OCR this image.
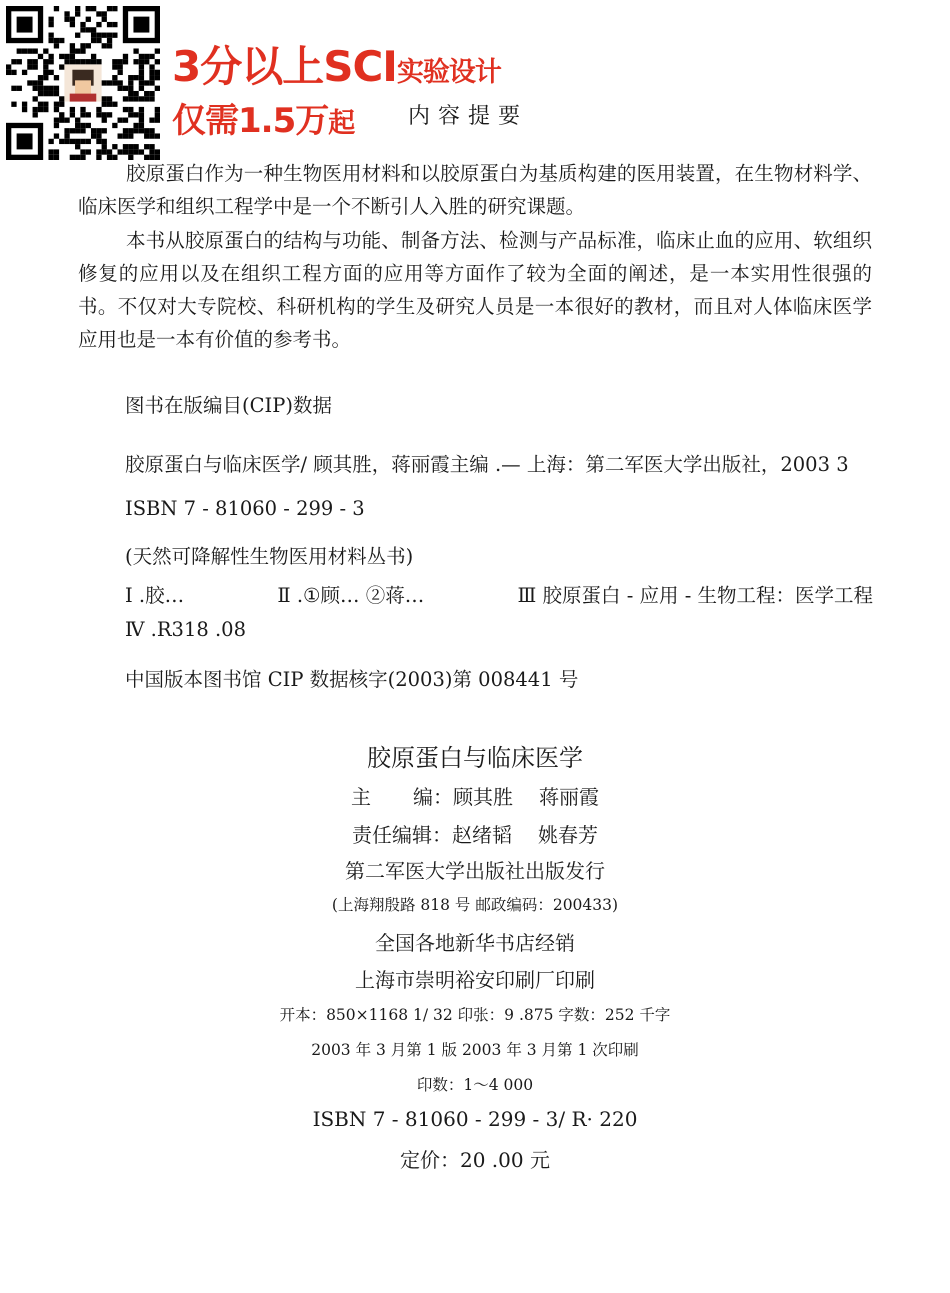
3分以上SCI实验设计
仅需1.5万起 内容提要

胶原蛋白作为一种生物医用材料和以胶原蛋白为基质构建的医用装置，在生物材料学、临床医学和组织工程学中是一个不断引人入胜的研究课题。

本书从胶原蛋白的结构与功能、制备方法、检测与产品标准，临床止血的应用、软组织修复的应用以及在组织工程方面的应用等方面作了较为全面的阐述，是一本实用性很强的书。不仅对大专院校、科研机构的学生及研究人员是一本很好的教材，而且对人体临床医学应用也是一本有价值的参考书。

图书在版编目(CIP)数据
胶原蛋白与临床医学/ 顾其胜，蒋丽霞主编 .— 上海：第二军医大学出版社，2003 3
ISBN 7 - 81060 - 299 - 3
(天然可降解性生物医用材料丛书)
Ⅰ .胶…	Ⅱ .①顾… ②蒋…	Ⅲ 胶原蛋白 - 应用 - 生物工程：医学工程
Ⅳ .R318 .08
中国版本图书馆 CIP 数据核字(2003)第 008441 号
胶原蛋白与临床医学
主 编：顾其胜 蒋丽霞
责任编辑：赵绪韬 姚春芳
第二军医大学出版社出版发行
(上海翔殷路 818 号 邮政编码：200433)
全国各地新华书店经销
上海市崇明裕安印刷厂印刷
开本：850×1168 1/ 32 印张：9 .875 字数：252 千字
2003 年 3 月第 1 版 2003 年 3 月第 1 次印刷
印数：1～4 000
ISBN 7 - 81060 - 299 - 3/ R· 220
定价：20 .00 元
